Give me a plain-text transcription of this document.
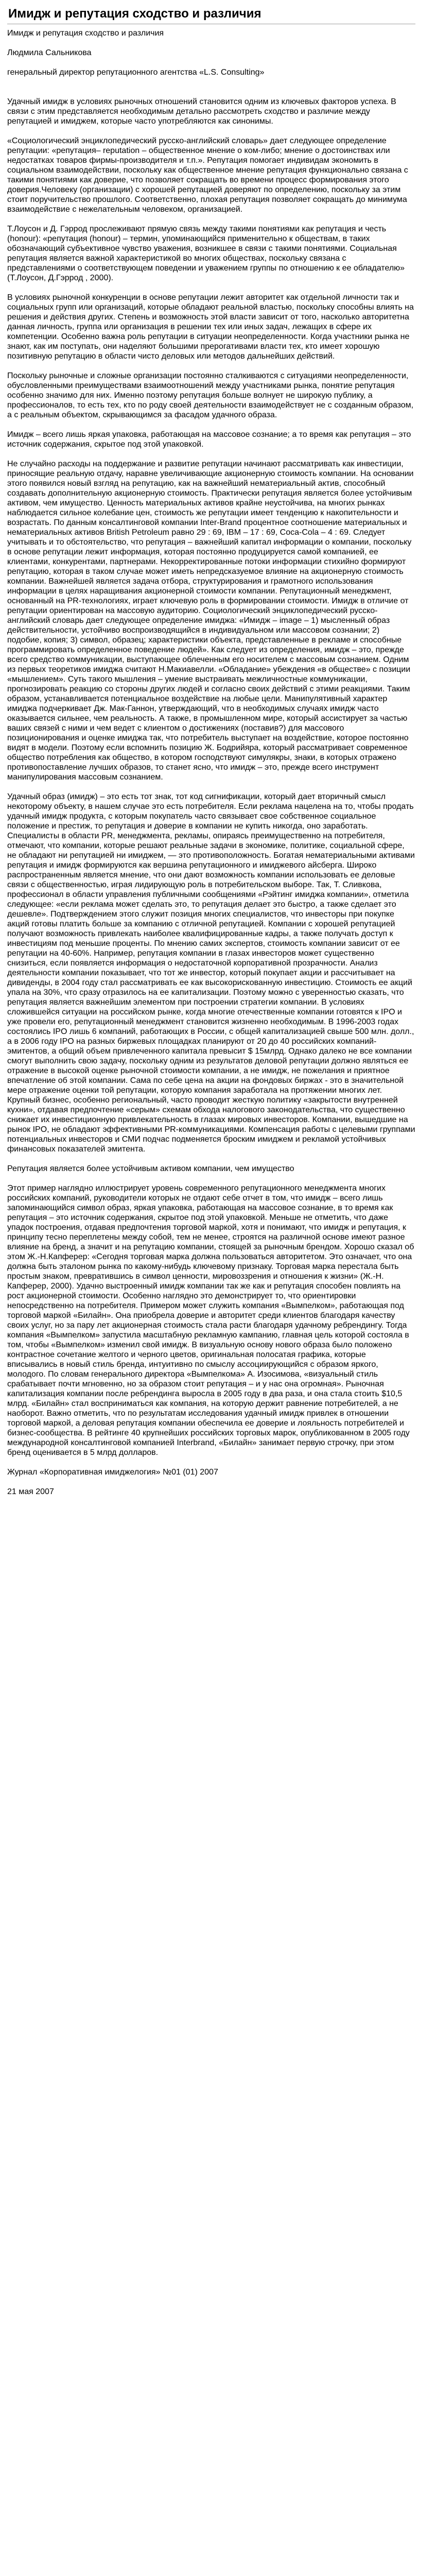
Имидж и репутация сходство и различия

Имидж и репутация сходство и различия

Людмила Сальникова

генеральный директор репутационного агентства «L.S. Consulting»

Удачный имидж в условиях рыночных отношений становится одним из ключевых факторов успеха. В связи с этим представляется необходимым детально рассмотреть сходство и различие между репутацией и имиджем, которые часто употребляются как синонимы.

«Социологический энциклопедический русско-английский словарь» дает следующее определение репутации: «репутация– reputation – общественное мнение о ком-либо; мнение о достоинствах или недостатках товаров фирмы-производителя и т.п.». Репутация помогает индивидам экономить в социальном взаимодействии, поскольку как общественное мнение репутация функционально связана с такими понятиями как доверие, что позволяет сокращать во времени процесс формирования этого доверия.Человеку (организации) с хорошей репутацией доверяют по определению, поскольку за этим стоит поручительство прошлого. Соответственно, плохая репутация позволяет сокращать до минимума взаимодействие с нежелательным человеком, организацией.

Т.Лоусон и Д. Гэррод прослеживают прямую связь между такими понятиями как репутация и честь (honour): «репутация (honour) – термин, упоминающийся применительно к обществам, в таких обозначающий субъективное чувство уважения, возникшее в связи с такими понятиями. Социальная репутация является важной характеристикой во многих обществах, поскольку связана с представлениями о соответствующем поведении и уважением группы по отношению к ее обладателю» (Т.Лоусон, Д.Гэррод , 2000).

В условиях рыночной конкуренции в основе репутации лежит авторитет как отдельной личности так и социальных групп или организаций, которые обладают реальной властью, поскольку способны влиять на решения и действия других. Степень и возможность этой власти зависит от того, насколько авторитетна данная личность, группа или организация в решении тех или иных задач, лежащих в сфере их компетенции. Особенно важна роль репутации в ситуации неопределенности. Когда участники рынка не знают, как им поступать, они наделяют большими прерогативами власти тех, кто имеет хорошую позитивную репутацию в области чисто деловых или методов дальнейших действий.

Поскольку рыночные и сложные организации постоянно сталкиваются с ситуациями неопределенности, обусловленными преимуществами взаимоотношений между участниками рынка, понятие репутация особенно значимо для них. Именно поэтому репутация больше волнует не широкую публику, а профессионалов, то есть тех, кто по роду своей деятельности взаимодействует не с созданным образом, а с реальным объектом, скрывающимся за фасадом удачного образа.

Имидж – всего лишь яркая упаковка, работающая на массовое сознание; а то время как репутация – это источник содержания, скрытое под этой упаковкой.

Не случайно расходы на поддержание и развитие репутации начинают рассматривать как инвестиции, приносящие реальную отдачу, наравне увеличивающие акционерную стоимость компании. На основании этого появился новый взгляд на репутацию, как на важнейший нематериальный актив, способный создавать дополнительную акционерную стоимость. Практически репутация является более устойчивым активом, чем имущество. Ценность материальных активов крайне неустойчива, на многих рынках наблюдается сильное колебание цен, стоимость же репутации имеет тенденцию к накопительности и возрастать. По данным консалтинговой компании Inter-Brand процентное соотношение материальных и нематериальных активов British Petroleum равно 29 : 69, IBM – 17 : 69, Coca-Cola – 4 : 69. Следует учитывать и то обстоятельство, что репутация – важнейший капитал информации о компании, поскольку в основе репутации лежит информация, которая постоянно продуцируется самой компанией, ее клиентами, конкурентами, партнерами. Некорректированные потоки информации стихийно формируют репутацию, которая в таком случае может иметь непредсказуемое влияние на акционерную стоимость компании. Важнейшей является задача отбора, структурирования и грамотного использования информации в целях наращивания акционерной стоимости компании. Репутационный менеджмент, основанный на PR-технологиях, играет ключевую роль в формировании стоимости. Имидж в отличие от репутации ориентирован на массовую аудиторию. Социологический энциклопедический русско-английский словарь дает следующее определение имиджа: «Имидж – image – 1) мысленный образ действительности, устойчиво воспроизводящийся в индивидуальном или массовом сознании; 2) подобие, копия; 3) символ, образец; характеристики объекта, представленные в рекламе и способные программировать определенное поведение людей». Как следует из определения, имидж – это, прежде всего средство коммуникации, выступающее облеченным его носителем с массовым сознанием. Одним из первых теоретиков имиджа считают Н.Макиавелли. «Обладание» убеждения «в обществе» с позиции «мышлением». Суть такого мышления – умение выстраивать межличностные коммуникации, прогнозировать реакцию со стороны других людей и согласно своих действий с этими реакциями. Таким образом, устанавливается потенциальное воздействие на любые цели. Манипулятивный характер имиджа подчеркивает Дж. Мак-Ганнон, утверждающий, что в необходимых случаях имидж часто оказывается сильнее, чем реальность. А также, в промышленном мире, который ассистирует за частью ваших связей с ними и чем ведет с клиентом о достижениях (поставив?) для массового позиционирования и оценке имиджа так, что потребитель выступает на воздействие, которое постоянно видят в модели. Поэтому если вспомнить позицию Ж. Бодрийяра, который рассматривает современное общество потребления как общество, в котором господствуют симулякры, знаки, в которых отражено противопоставление лучших образов, то станет ясно, что имидж – это, прежде всего инструмент манипулирования массовым сознанием.

Удачный образ (имидж) – это есть тот знак, тот код сигнификации, который дает вторичный смысл некоторому объекту, в нашем случае это есть потребителя. Если реклама нацелена на то, чтобы продать удачный имидж продукта, с которым покупатель часто связывает свое собственное социальное положение и престиж, то репутация и доверие в компании не купить никогда, оно заработать. Специалисты в области PR, менеджмента, рекламы, опираясь преимущественно на потребителя, отмечают, что компании, которые решают реальные задачи в экономике, политике, социальной сфере, не обладают ни репутацией ни имиджем, — это противоположность. Богатая нематериальными активами репутация и имидж формируются как вершина репутационного и имиджевого айсберга. Широко распространенным является мнение, что они дают возможность компании использовать ее деловые связи с общественностью, играя лидирующую роль в потребительском выборе. Так, Т. Сливкова, профессионал в области управления публичными сообщениями «Рэйтинг имиджа компании», отметила следующее: «если реклама может сделать это, то репутация делает это быстро, а также сделает это дешевле». Подтверждением этого служит позиция многих специалистов, что инвесторы при покупке акций готовы платить больше за компанию с отличной репутацией. Компании с хорошей репутацией получают возможность привлекать наиболее квалифицированные кадры, а также получать доступ к инвестициям под меньшие проценты. По мнению самих экспертов, стоимость компании зависит от ее репутации на 40-60%. Например, репутация компании в глазах инвесторов может существенно снизиться, если появляется информация о недостаточной корпоративной прозрачности. Анализ деятельности компании показывает, что тот же инвестор, который покупает акции и рассчитывает на дивиденды, в 2004 году стал рассматривать ее как высокорискованную инвестицию. Стоимость ее акций упала на 30%, что сразу отразилось на ее капитализации. Поэтому можно с уверенностью сказать, что репутация является важнейшим элементом при построении стратегии компании. В условиях сложившейся ситуации на российском рынке, когда многие отечественные компании готовятся к IPO и уже провели его, репутационный менеджмент становится жизненно необходимым. В 1996-2003 годах состоялись IPO лишь 6 компаний, работающих в России, с общей капитализацией свыше 500 млн. долл., а в 2006 году IPO на разных биржевых площадках планируют от 20 до 40 российских компаний-эмитентов, а общий объем привлеченного капитала превысит $ 15млрд. Однако далеко не все компании смогут выполнить свою задачу, поскольку одним из результатов деловой репутации должно являться ее отражение в высокой оценке рыночной стоимости компании, а не имидж, не пожелания и приятное впечатление об этой компании. Сама по себе цена на акции на фондовых биржах - это в значительной мере отражение оценки той репутации, которую компания заработала на протяжении многих лет. Крупный бизнес, особенно региональный, часто проводит жесткую политику «закрытости внутренней кухни», отдавая предпочтение «серым» схемам обхода налогового законодательства, что существенно снижает их инвестиционную привлекательность в глазах мировых инвесторов. Компании, вышедшие на рынок IPO, не обладают эффективными PR-коммуникациями. Компенсация работы с целевыми группами потенциальных инвесторов и СМИ подчас подменяется броским имиджем и рекламой устойчивых финансовых показателей эмитента.

Репутация является более устойчивым активом компании, чем имущество

Этот пример наглядно иллюстрирует уровень современного репутационного менеджмента многих российских компаний, руководители которых не отдают себе отчет в том, что имидж – всего лишь запоминающийся символ образ, яркая упаковка, работающая на массовое сознание, в то время как репутация – это источник содержания, скрытое под этой упаковкой. Меньше не отметить, что даже упадок построения, отдавая предпочтения торговой маркой, хотя и понимают, что имидж и репутация, к принципу тесно переплетены между собой, тем не менее, строятся на различной основе имеют разное влияние на бренд, а значит и на репутацию компании, стоящей за рыночным брендом. Хорошо сказал об этом Ж.-Н.Капферер: «Сегодня торговая марка должна пользоваться авторитетом. Это означает, что она должна быть эталоном рынка по какому-нибудь ключевому признаку. Торговая марка перестала быть простым знаком, превратившись в символ ценности, мировоззрения и отношения к жизни» (Ж.-Н. Капферер, 2000). Удачно выстроенный имидж компании так же как и репутация способен повлиять на рост акционерной стоимости. Особенно наглядно это демонстрирует то, что ориентировки непосредственно на потребителя. Примером может служить компания «Вымпелком», работающая под торговой маркой «Билайн». Она приобрела доверие и авторитет среди клиентов благодаря качеству своих услуг, но за пару лет акционерная стоимость стала расти благодаря удачному ребрендингу. Тогда компания «Вымпелком» запустила масштабную рекламную кампанию, главная цель которой состояла в том, чтобы «Вымпелком» изменил свой имидж. В визуальную основу нового образа было положено контрастное сочетание желтого и черного цветов, оригинальная полосатая графика, которые вписывались в новый стиль бренда, интуитивно по смыслу ассоциирующийся с образом яркого, молодого. По словам генерального директора «Вымпелкома» А. Изосимова, «визуальный стиль срабатывает почти мгновенно, но за образом стоит репутация – и у нас она огромная». Рыночная капитализация компании после ребрендинга выросла в 2005 году в два раза, и она стала стоить $10,5 млрд. «Билайн» стал восприниматься как компания, на которую держит равнение потребителей, а не наоборот. Важно отметить, что по результатам исследования удачный имидж привлек в отношении торговой маркой, а деловая репутация компании обеспечила ее доверие и лояльность потребителей и бизнес-сообщества. В рейтинге 40 крупнейших российских торговых марок, опубликованном в 2005 году международной консалтинговой компанией Interbrand, «Билайн» занимает первую строчку, при этом бренд оценивается в 5 млрд долларов.

Журнал «Корпоративная имиджелогия» №01 (01) 2007

21 мая 2007
